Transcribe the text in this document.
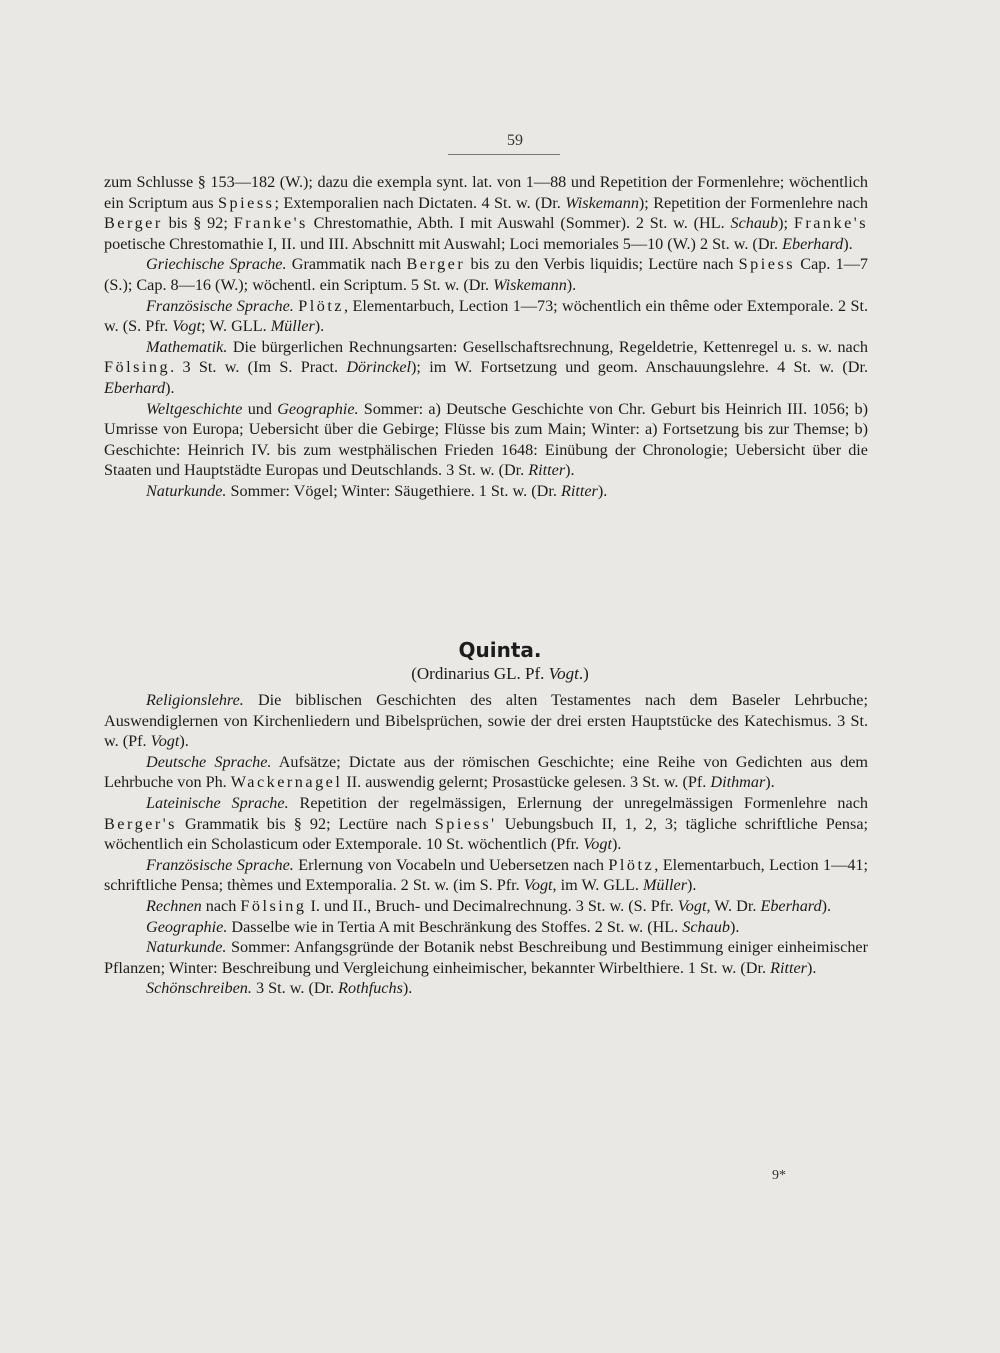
59

zum Schlusse § 153—182 (W.); dazu die exempla synt. lat. von 1—88 und Repetition der Formenlehre; wöchentlich ein Scriptum aus Spiess; Extemporalien nach Dictaten. 4 St. w. (Dr. Wiskemann); Repetition der Formenlehre nach Berger bis § 92; Franke's Chrestomathie, Abth. I mit Auswahl (Sommer). 2 St. w. (HL. Schaub); Franke's poetische Chrestomathie I, II. und III. Abschnitt mit Auswahl; Loci memoriales 5—10 (W.) 2 St. w. (Dr. Eberhard).

Griechische Sprache. Grammatik nach Berger bis zu den Verbis liquidis; Lectüre nach Spiess Cap. 1—7 (S.); Cap. 8—16 (W.); wöchentl. ein Scriptum. 5 St. w. (Dr. Wiskemann).

Französische Sprache. Plötz, Elementarbuch, Lection 1—73; wöchentlich ein thême oder Extemporale. 2 St. w. (S. Pfr. Vogt; W. GLL. Müller).

Mathematik. Die bürgerlichen Rechnungsarten: Gesellschaftsrechnung, Regeldetrie, Kettenregel u. s. w. nach Fölsing. 3 St. w. (Im S. Pract. Dörinckel); im W. Fortsetzung und geom. Anschauungslehre. 4 St. w. (Dr. Eberhard).

Weltgeschichte und Geographie. Sommer: a) Deutsche Geschichte von Chr. Geburt bis Heinrich III. 1056; b) Umrisse von Europa; Uebersicht über die Gebirge; Flüsse bis zum Main; Winter: a) Fortsetzung bis zur Themse; b) Geschichte: Heinrich IV. bis zum westphälischen Frieden 1648: Einübung der Chronologie; Uebersicht über die Staaten und Hauptstädte Europas und Deutschlands. 3 St. w. (Dr. Ritter).

Naturkunde. Sommer: Vögel; Winter: Säugethiere. 1 St. w. (Dr. Ritter).

Quinta.
(Ordinarius GL. Pf. Vogt.)

Religionslehre. Die biblischen Geschichten des alten Testamentes nach dem Baseler Lehrbuche; Auswendiglernen von Kirchenliedern und Bibelsprüchen, sowie der drei ersten Hauptstücke des Katechismus. 3 St. w. (Pf. Vogt).

Deutsche Sprache. Aufsätze; Dictate aus der römischen Geschichte; eine Reihe von Gedichten aus dem Lehrbuche von Ph. Wackernagel II. auswendig gelernt; Prosastücke gelesen. 3 St. w. (Pf. Dithmar).

Lateinische Sprache. Repetition der regelmässigen, Erlernung der unregelmässigen Formenlehre nach Berger's Grammatik bis § 92; Lectüre nach Spiess' Uebungsbuch II, 1, 2, 3; tägliche schriftliche Pensa; wöchentlich ein Scholasticum oder Extemporale. 10 St. wöchentlich (Pfr. Vogt).

Französische Sprache. Erlernung von Vocabeln und Uebersetzen nach Plötz, Elementarbuch, Lection 1—41; schriftliche Pensa; thèmes und Extemporalia. 2 St. w. (im S. Pfr. Vogt, im W. GLL. Müller).

Rechnen nach Fölsing I. und II., Bruch- und Decimalrechnung. 3 St. w. (S. Pfr. Vogt, W. Dr. Eberhard).

Geographie. Dasselbe wie in Tertia A mit Beschränkung des Stoffes. 2 St. w. (HL. Schaub).

Naturkunde. Sommer: Anfangsgründe der Botanik nebst Beschreibung und Bestimmung einiger einheimischer Pflanzen; Winter: Beschreibung und Vergleichung einheimischer, bekannter Wirbelthiere. 1 St. w. (Dr. Ritter).

Schönschreiben. 3 St. w. (Dr. Rothfuchs).

9*
